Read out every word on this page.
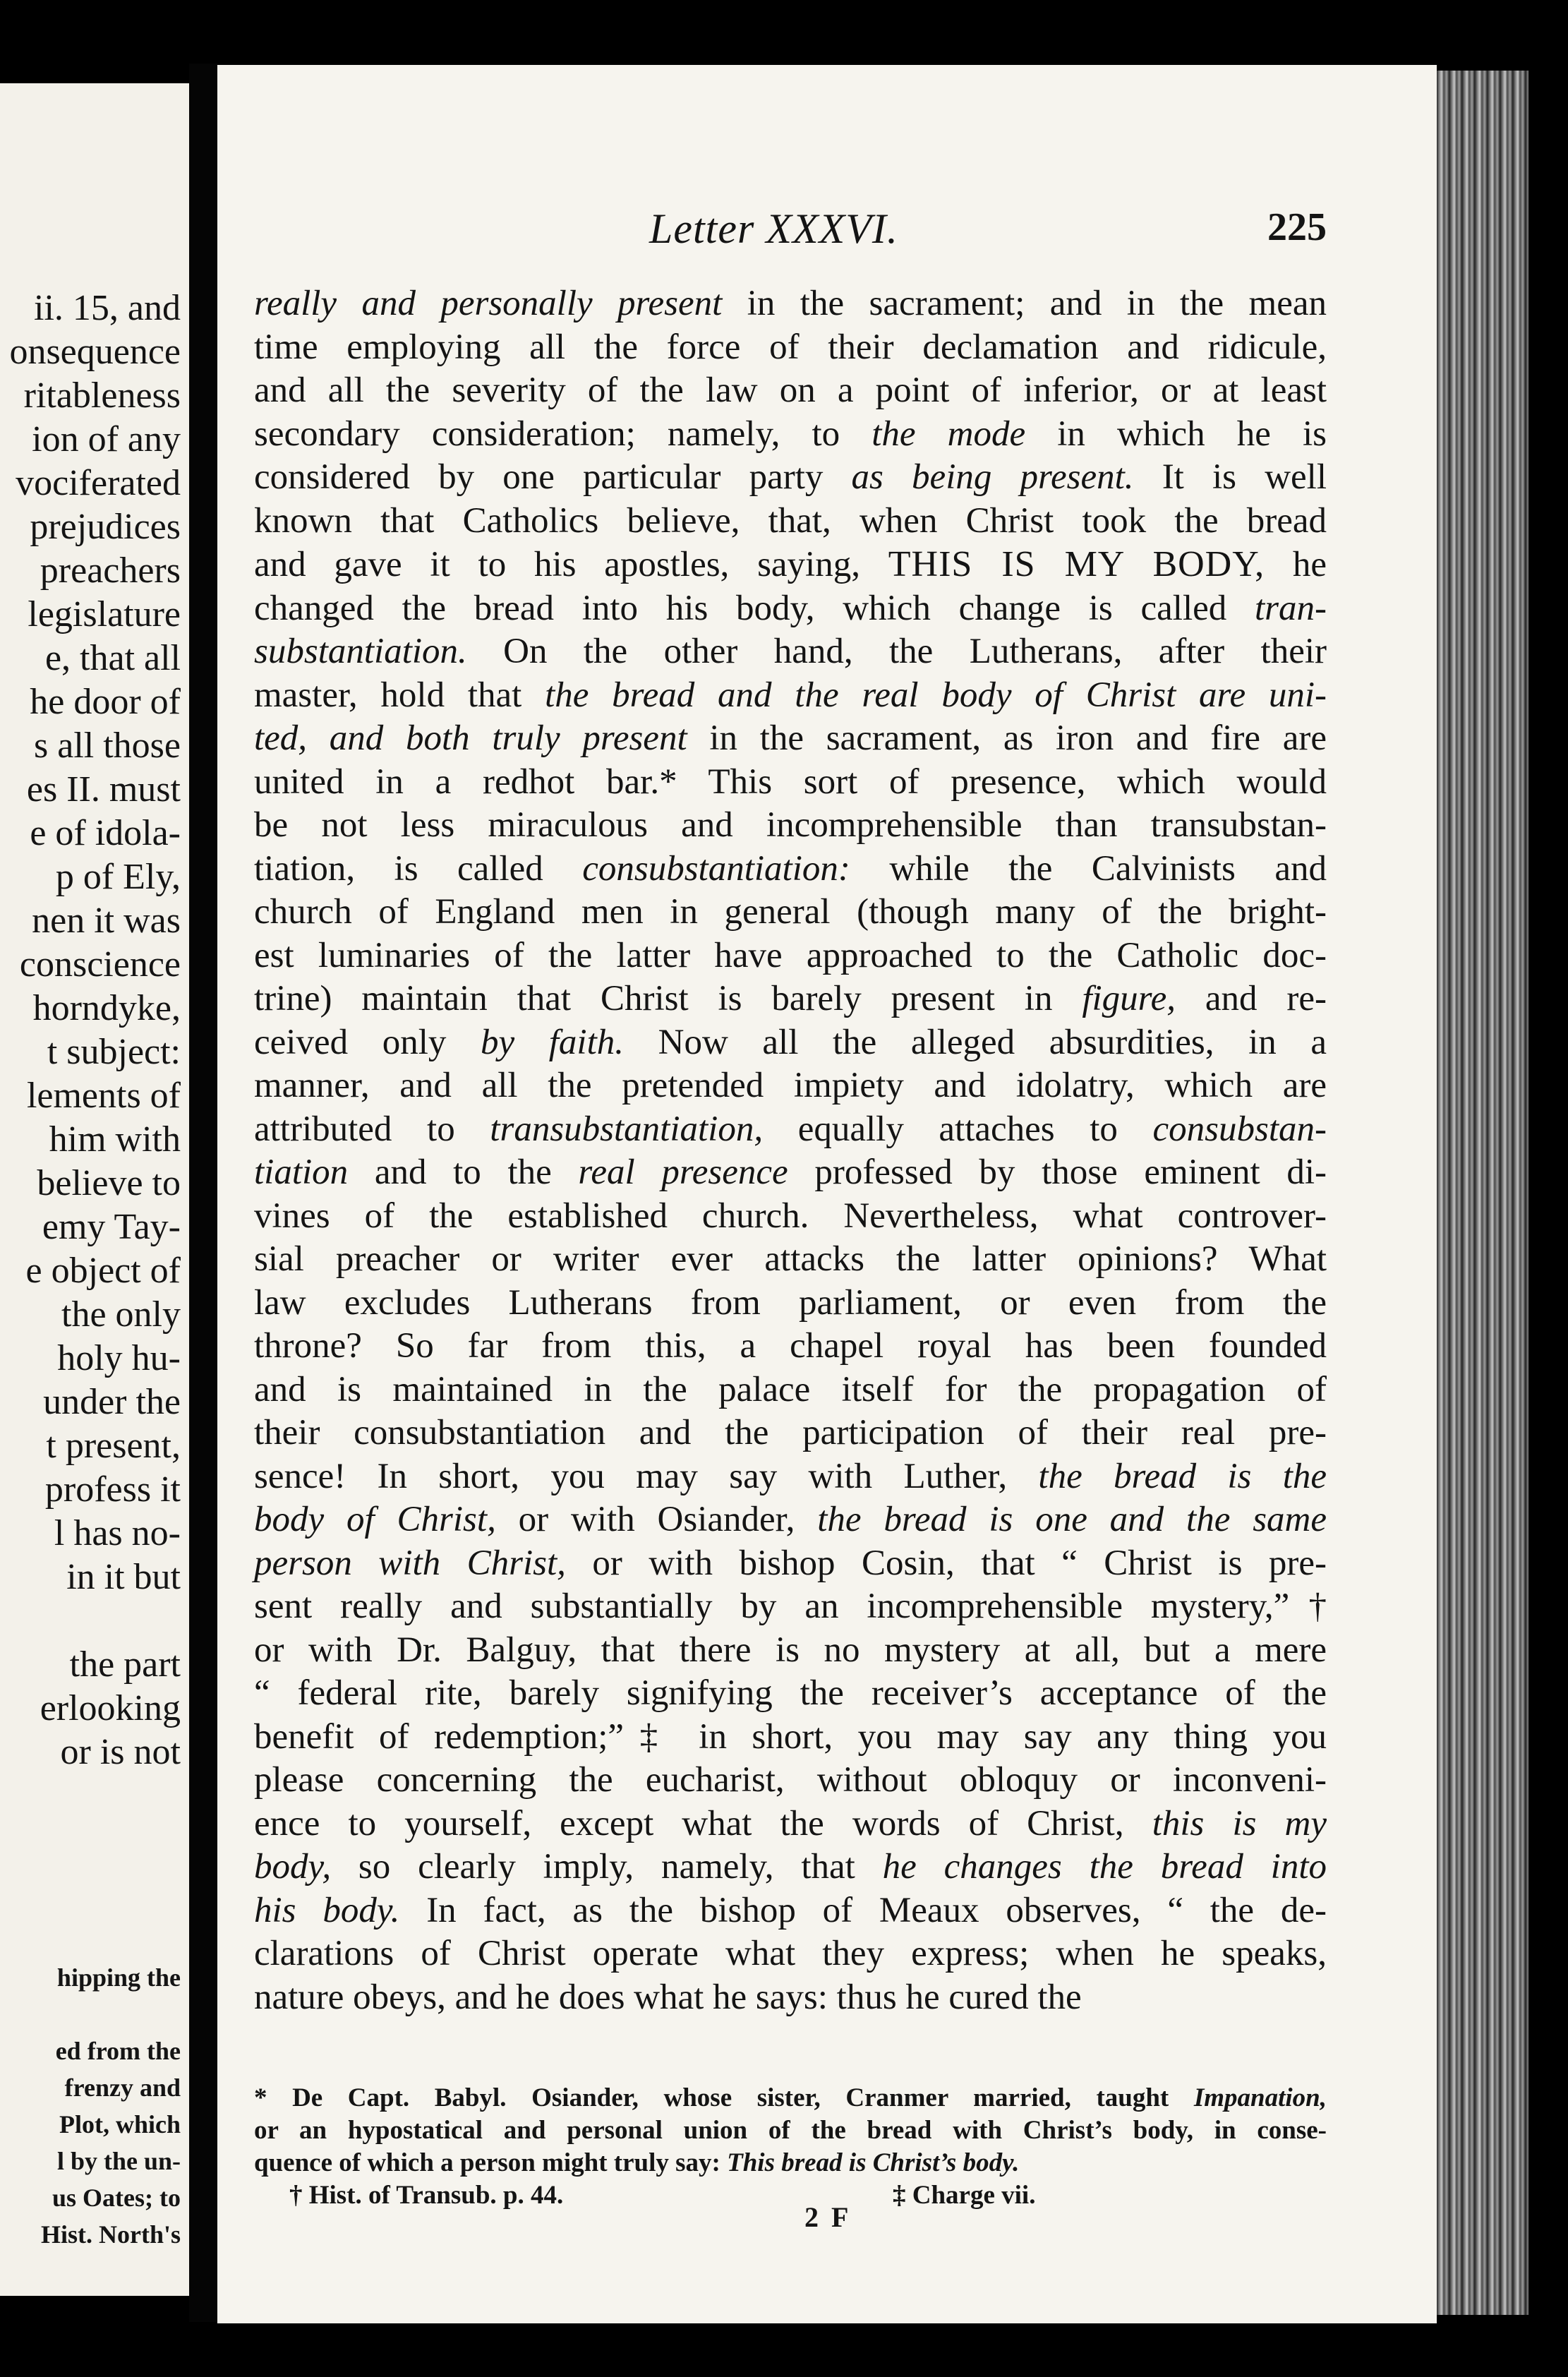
ii. 15, and
onsequence
ritableness
ion of any
vociferated
prejudices
preachers
legislature
e, that all
he door of
s all those
es II. must
e of idola-
p of Ely,
nen it was
conscience
horndyke,
t subject:
lements of
him with
believe to
emy Tay-
e object of
the only
holy hu-
under the
t present,
profess it
l has no-
in it but

the part
erlooking
or is not
hipping the

ed from the
frenzy and
Plot, which
l by the un-
us Oates; to
Hist. North's
Letter XXXVI.	225
really and personally present in the sacrament; and in the mean
time employing all the force of their declamation and ridicule,
and all the severity of the law on a point of inferior, or at least
secondary consideration; namely, to the mode in which he is
considered by one particular party as being present. It is well
known that Catholics believe, that, when Christ took the bread
and gave it to his apostles, saying, THIS IS MY BODY, he
changed the bread into his body, which change is called tran-
substantiation. On the other hand, the Lutherans, after their
master, hold that the bread and the real body of Christ are uni-
ted, and both truly present in the sacrament, as iron and fire are
united in a redhot bar.* This sort of presence, which would
be not less miraculous and incomprehensible than transubstan-
tiation, is called consubstantiation: while the Calvinists and
church of England men in general (though many of the bright-
est luminaries of the latter have approached to the Catholic doc-
trine) maintain that Christ is barely present in figure, and re-
ceived only by faith. Now all the alleged absurdities, in a
manner, and all the pretended impiety and idolatry, which are
attributed to transubstantiation, equally attaches to consubstan-
tiation and to the real presence professed by those eminent di-
vines of the established church. Nevertheless, what controver-
sial preacher or writer ever attacks the latter opinions? What
law excludes Lutherans from parliament, or even from the
throne? So far from this, a chapel royal has been founded
and is maintained in the palace itself for the propagation of
their consubstantiation and the participation of their real pre-
sence! In short, you may say with Luther, the bread is the
body of Christ, or with Osiander, the bread is one and the same
person with Christ, or with bishop Cosin, that “ Christ is pre-
sent really and substantially by an incomprehensible mystery,”†
or with Dr. Balguy, that there is no mystery at all, but a mere
“ federal rite, barely signifying the receiver’s acceptance of the
benefit of redemption;”‡ in short, you may say any thing you
please concerning the eucharist, without obloquy or inconveni-
ence to yourself, except what the words of Christ, this is my
body, so clearly imply, namely, that he changes the bread into
his body. In fact, as the bishop of Meaux observes, “ the de-
clarations of Christ operate what they express; when he speaks,
nature obeys, and he does what he says: thus he cured the
* De Capt. Babyl. Osiander, whose sister, Cranmer married, taught Impanation,
or an hypostatical and personal union of the bread with Christ’s body, in conse-
quence of which a person might truly say: This bread is Christ’s body.
† Hist. of Transub. p. 44.	‡ Charge vii.
2 F
